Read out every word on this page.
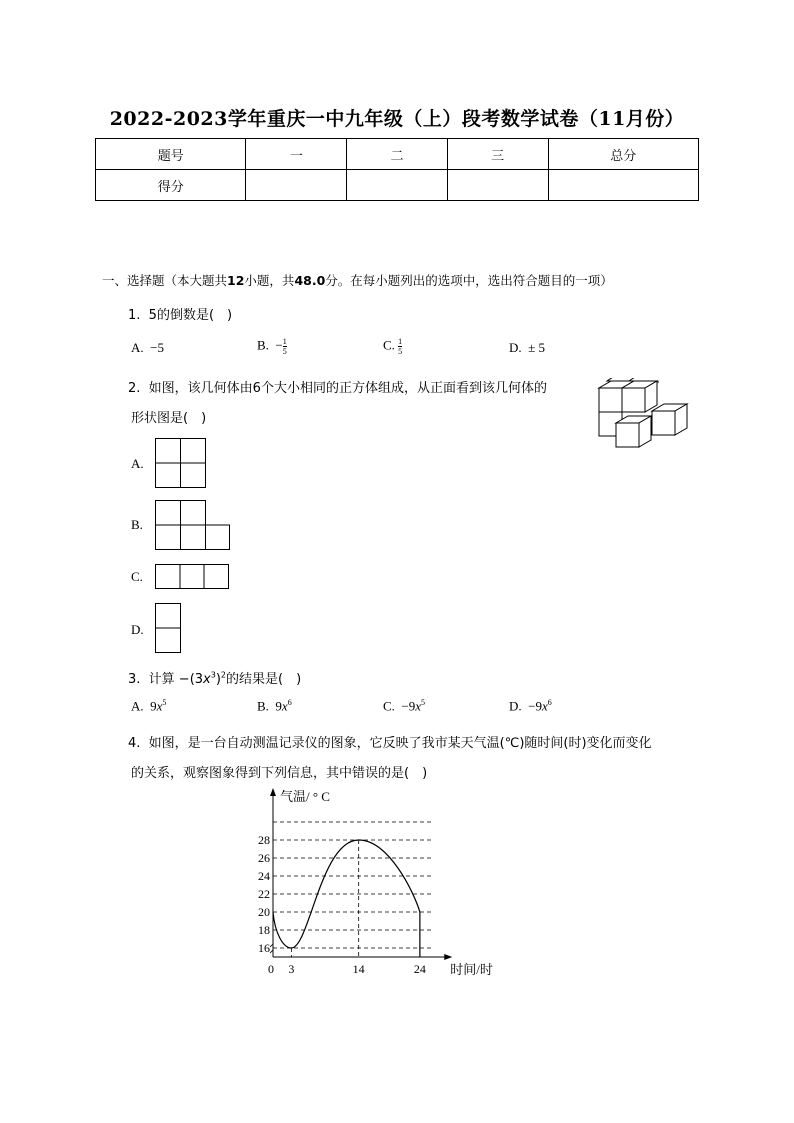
2022-2023学年重庆一中九年级（上）段考数学试卷（11月份）
题号	一	二	三	总分
得分				
一、选择题（本大题共12小题，共48.0分。在每小题列出的选项中，选出符合题目的一项）
1. 5的倒数是(　)
A. −5	B. − $\frac{1}{5}$	C. $\frac{1}{5}$	D. ± 5
2. 如图，该几何体由6个大小相同的正方体组成，从正面看到该几何体的
形状图是(　)
A.
B.
C.
D.
3. 计算 $-(3x^3)^2$的结果是(　)
A. $9x^5$	B. $9x^6$	C. $-9x^5$	D. $-9x^6$
4. 如图，是一台自动测温记录仪的图象，它反映了我市某天气温(℃)随时间(时)变化而变化
的关系，观察图象得到下列信息，其中错误的是(　)
16
18
20
22
24
26
28
0 3	14	24
气温/ ° C
时间/时
